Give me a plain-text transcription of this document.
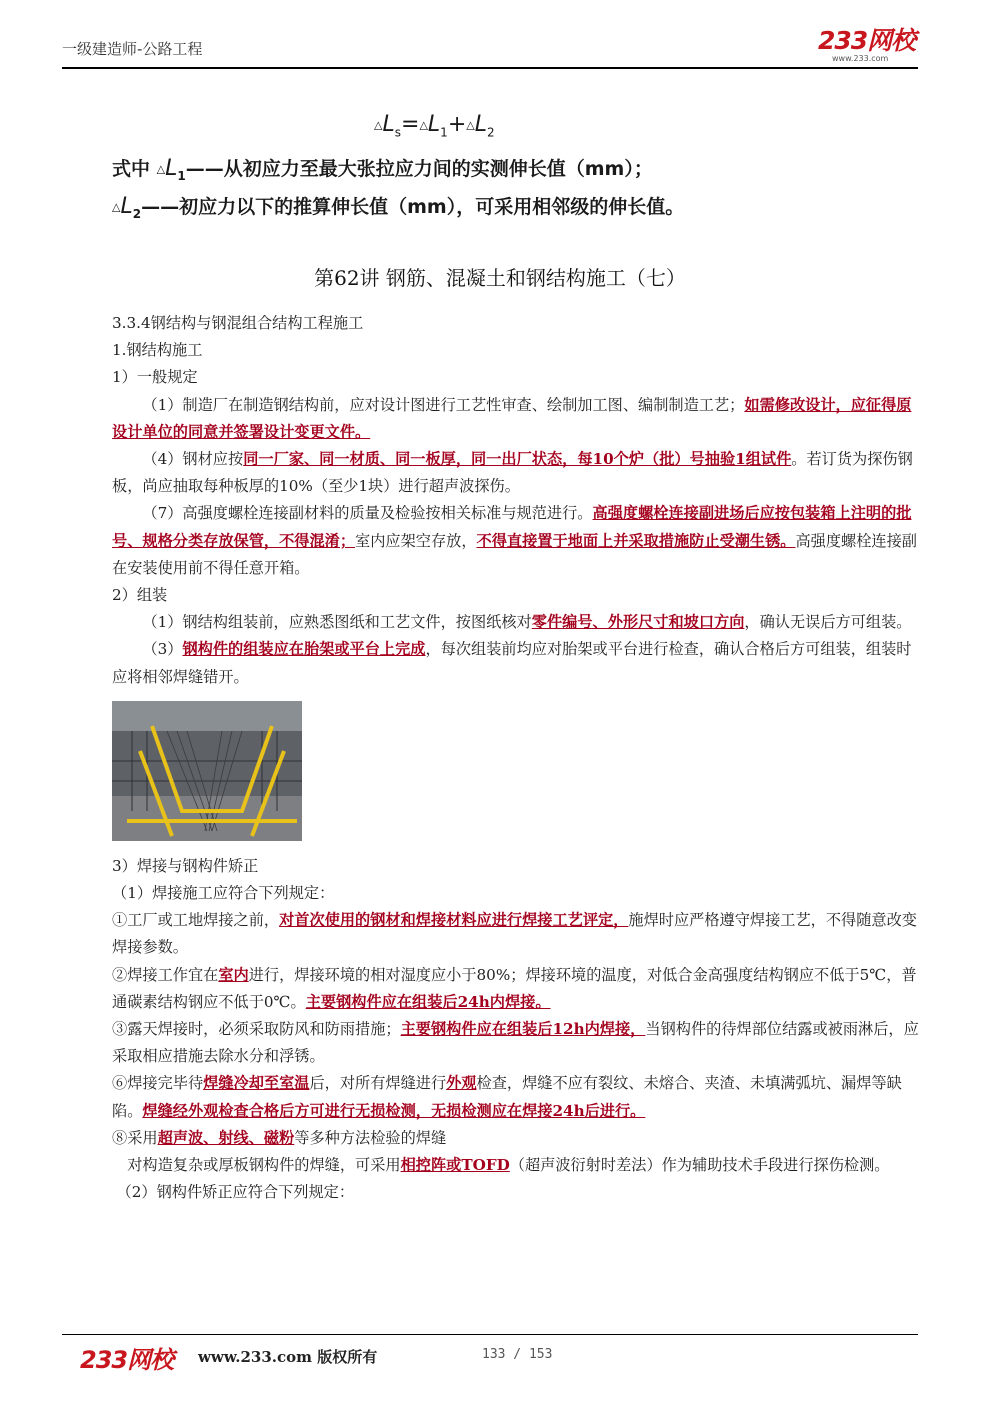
一级建造师-公路工程	233网校
www.233.com
$\triangle L_s=\triangle L_1+\triangle L_2$
式中 $\triangle L_1——$从初应力至最大张拉应力间的实测伸长值（mm）；
$\triangle L_2——$初应力以下的推算伸长值（mm），可采用相邻级的伸长值。
第62讲 钢筋、混凝土和钢结构施工（七）

3.3.4钢结构与钢混组合结构工程施工

1.钢结构施工

1）一般规定

（1）制造厂在制造钢结构前，应对设计图进行工艺性审查、绘制加工图、编制制造工艺；如需修改设计，应征得原设计单位的同意并签署设计变更文件。

（4）钢材应按同一厂家、同一材质、同一板厚，同一出厂状态，每10个炉（批）号抽验1组试件。若订货为探伤钢板，尚应抽取每种板厚的10%（至少1块）进行超声波探伤。

（7）高强度螺栓连接副材料的质量及检验按相关标准与规范进行。高强度螺栓连接副进场后应按包装箱上注明的批号、规格分类存放保管，不得混淆；室内应架空存放，不得直接置于地面上并采取措施防止受潮生锈。高强度螺栓连接副在安装使用前不得任意开箱。

2）组装

（1）钢结构组装前，应熟悉图纸和工艺文件，按图纸核对零件编号、外形尺寸和坡口方向，确认无误后方可组装。

（3）钢构件的组装应在胎架或平台上完成，每次组装前均应对胎架或平台进行检查，确认合格后方可组装，组装时应将相邻焊缝错开。

3）焊接与钢构件矫正

（1）焊接施工应符合下列规定：

①工厂或工地焊接之前，对首次使用的钢材和焊接材料应进行焊接工艺评定，施焊时应严格遵守焊接工艺，不得随意改变焊接参数。

②焊接工作宜在室内进行，焊接环境的相对湿度应小于80%；焊接环境的温度，对低合金高强度结构钢应不低于5℃，普通碳素结构钢应不低于0℃。主要钢构件应在组装后24h内焊接。

③露天焊接时，必须采取防风和防雨措施；主要钢构件应在组装后12h内焊接，当钢构件的待焊部位结露或被雨淋后，应采取相应措施去除水分和浮锈。

⑥焊接完毕待焊缝冷却至室温后，对所有焊缝进行外观检查，焊缝不应有裂纹、未熔合、夹渣、未填满弧坑、漏焊等缺陷。焊缝经外观检查合格后方可进行无损检测，无损检测应在焊接24h后进行。

⑧采用超声波、射线、磁粉等多种方法检验的焊缝

对构造复杂或厚板钢构件的焊缝，可采用相控阵或TOFD（超声波衍射时差法）作为辅助技术手段进行探伤检测。

（2）钢构件矫正应符合下列规定：

233网校 www.233.com 版权所有	133 / 153
